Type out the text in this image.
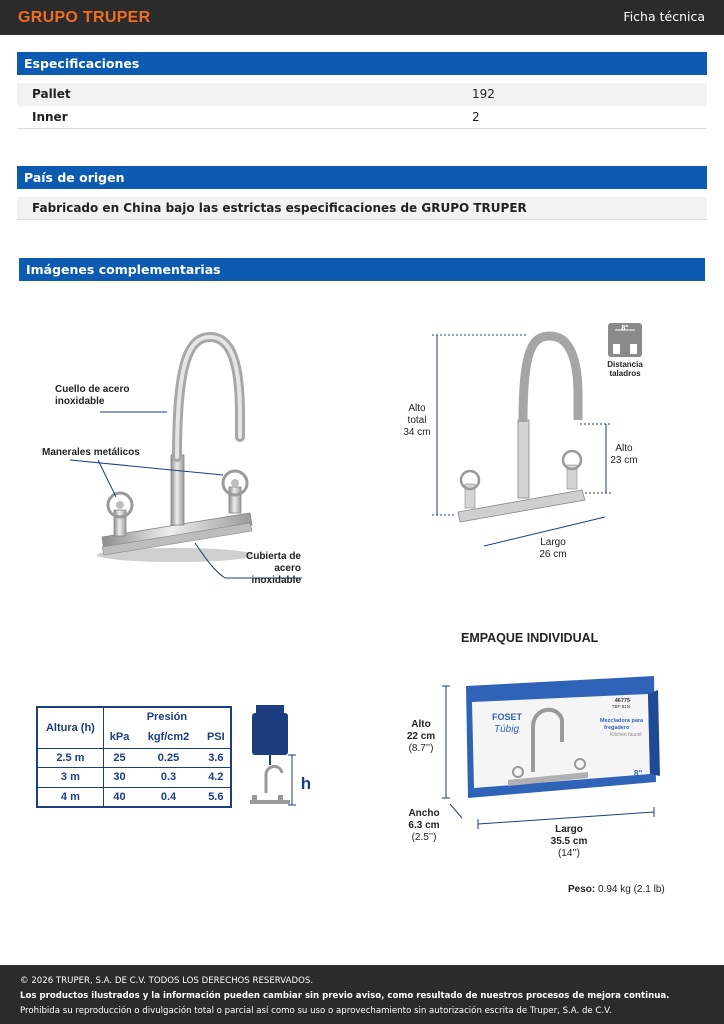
GRUPO TRUPER	Ficha técnica
Especificaciones
Pallet	192
Inner	2
País de origen
Fabricado en China bajo las estrictas especificaciones de GRUPO TRUPER
Imágenes complementarias
Cuello de acero
inoxidable
Manerales metálicos
Cubierta de acero
inoxidable
8"
Alto
total
34 cm
Alto
23 cm
Largo
26 cm
Distancia
taladros
Altura (h)	Presión		
	kPa	kgf/cm2	PSI
2.5 m	25	0.25	3.6
3 m	30	0.3	4.2
4 m	40	0.4	5.6
h
EMPAQUE INDIVIDUAL
FOSET
Túbig
46775
TBF-81N
Mezcladora para
fregadero
Kitchen faucet
8"
Alto
22 cm
(8.7’’)
Ancho
6.3 cm
(2.5’’)
Largo
35.5 cm
(14’’)
Peso: 0.94 kg (2.1 lb)
© 2026 TRUPER, S.A. DE C.V. TODOS LOS DERECHOS RESERVADOS.
Los productos ilustrados y la información pueden cambiar sin previo aviso, como resultado de nuestros procesos de mejora continua.
Prohibida su reproducción o divulgación total o parcial así como su uso o aprovechamiento sin autorización escrita de Truper, S.A. de C.V.
